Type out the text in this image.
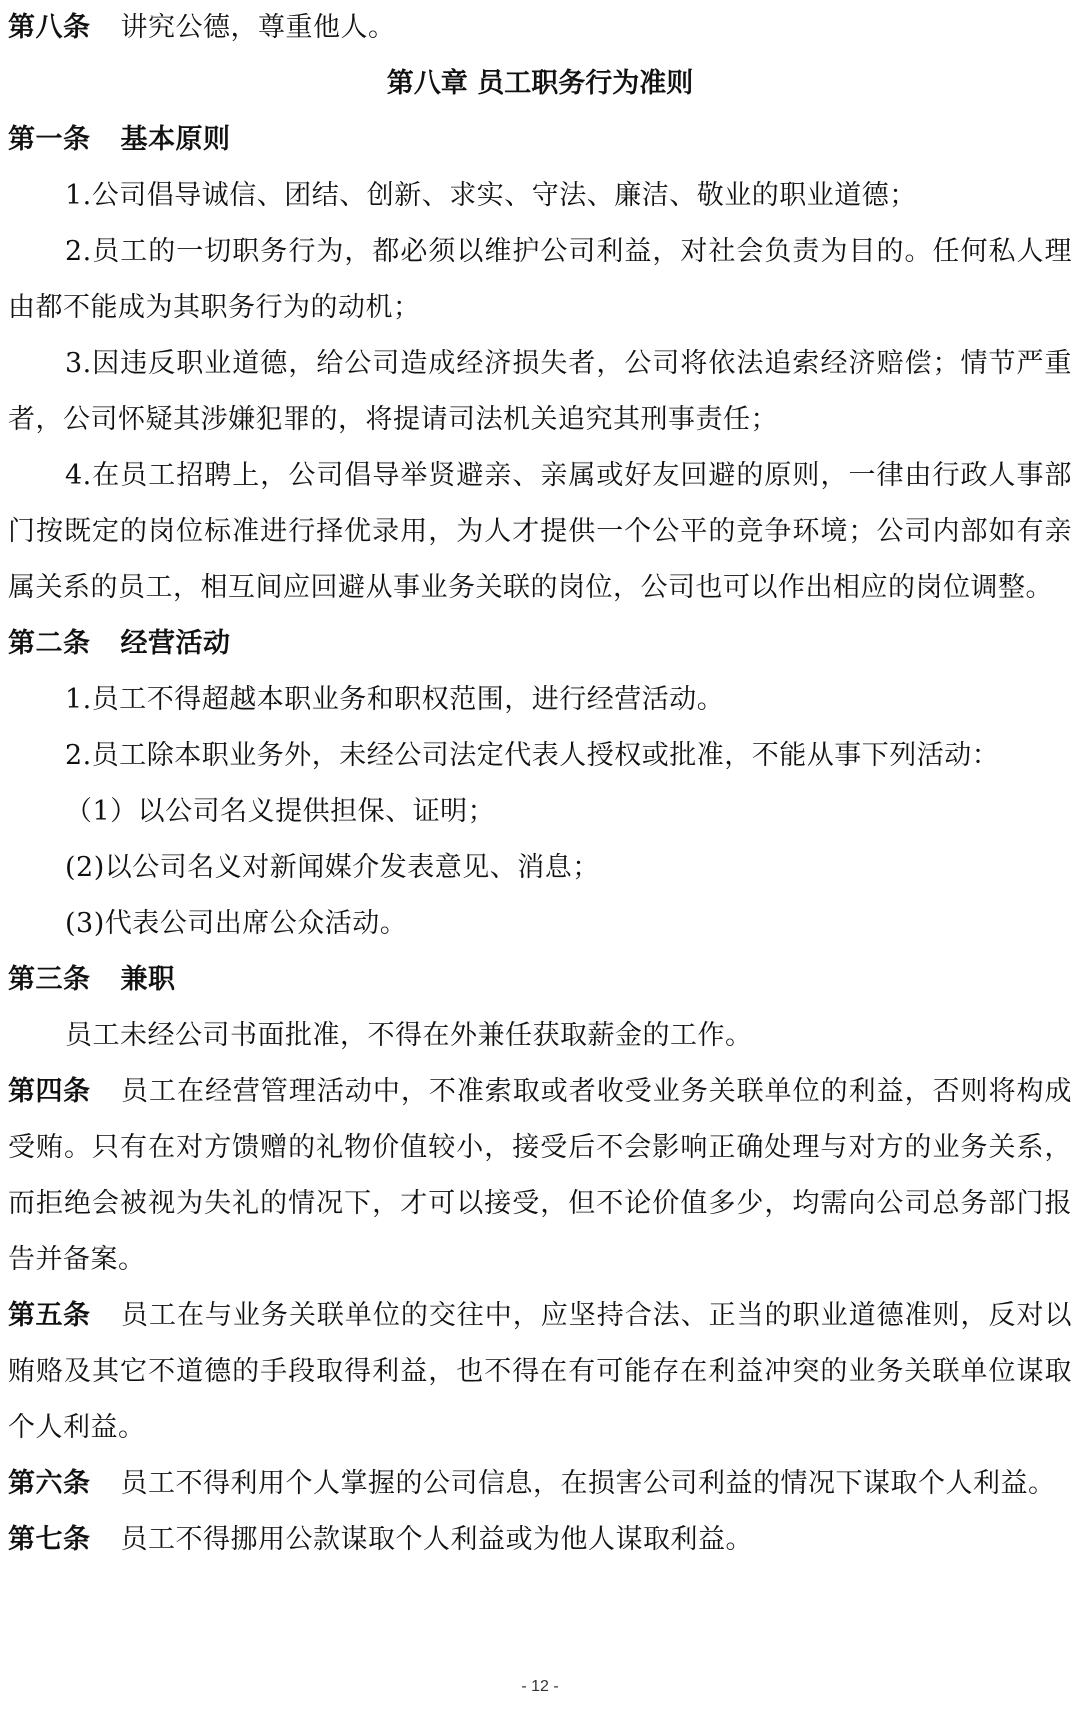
第八条 讲究公德，尊重他人。
第八章 员工职务行为准则
第一条 基本原则
1.公司倡导诚信、团结、创新、求实、守法、廉洁、敬业的职业道德；
2.员工的一切职务行为，都必须以维护公司利益，对社会负责为目的。任何私人理由都不能成为其职务行为的动机；
3.因违反职业道德，给公司造成经济损失者，公司将依法追索经济赔偿；情节严重者，公司怀疑其涉嫌犯罪的，将提请司法机关追究其刑事责任；
4.在员工招聘上，公司倡导举贤避亲、亲属或好友回避的原则，一律由行政人事部门按既定的岗位标准进行择优录用，为人才提供一个公平的竞争环境；公司内部如有亲属关系的员工，相互间应回避从事业务关联的岗位，公司也可以作出相应的岗位调整。
第二条 经营活动
1.员工不得超越本职业务和职权范围，进行经营活动。
2.员工除本职业务外，未经公司法定代表人授权或批准，不能从事下列活动：
（1）以公司名义提供担保、证明；
(2)以公司名义对新闻媒介发表意见、消息；
(3)代表公司出席公众活动。
第三条 兼职
员工未经公司书面批准，不得在外兼任获取薪金的工作。
第四条 员工在经营管理活动中，不准索取或者收受业务关联单位的利益，否则将构成受贿。只有在对方馈赠的礼物价值较小，接受后不会影响正确处理与对方的业务关系，而拒绝会被视为失礼的情况下，才可以接受，但不论价值多少，均需向公司总务部门报告并备案。
第五条 员工在与业务关联单位的交往中，应坚持合法、正当的职业道德准则，反对以贿赂及其它不道德的手段取得利益，也不得在有可能存在利益冲突的业务关联单位谋取个人利益。
第六条 员工不得利用个人掌握的公司信息，在损害公司利益的情况下谋取个人利益。
第七条 员工不得挪用公款谋取个人利益或为他人谋取利益。
- 12 -
